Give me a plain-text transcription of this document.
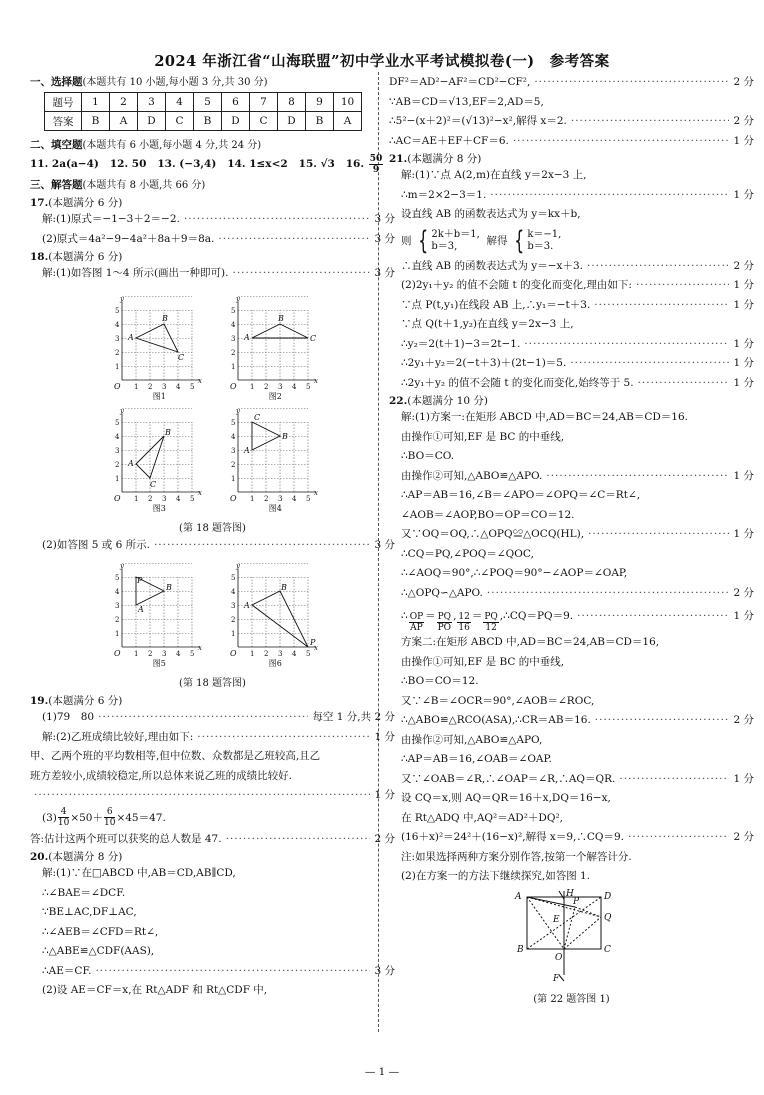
2024 年浙江省“山海联盟”初中学业水平考试模拟卷(一)　参考答案

一、选择题(本题共有 10 小题,每小题 3 分,共 30 分)

题号	1	2	3	4	5	6	7	8	9	10
答案	B	A	D	C	B	D	C	D	B	A

二、填空题(本题共有 6 小题,每小题 4 分,共 24 分)

11. 2a(a−4) 12. 50 13. (−3,4) 14. 1≤x<2 15. √3 16. $\frac{50}{9}$

三、解答题(本题共有 8 小题,共 66 分)

17.(本题满分 6 分)

解:(1)原式＝−1−3＋2＝−2. ·····	3 分
(2)原式＝4a²−9−4a²＋8a＋9＝8a. ·····	3 分

18.(本题满分 6 分)

解:(1)如答图 1～4 所示(画出一种即可). ·····	3 分
x
y
O 1
1
2
2
3
3
4
4
5
5
A
B
C
图1
x
y
O 1
1
2
2
3
3
4
4
5
5
A
B
C
图2
x
y
O 1
1
2
2
3
3
4
4
5
5
A
B
C
图3
x
y
O 1
1
2
2
3
3
4
4
5
5
C
A
B
图4
(第 18 题答图)
(2)如答图 5 或 6 所示. ·····	3 分
x
y
O 1
1
2
2
3
3
4
4
5
5 P
A
B
图5
x
y
O 1
1
2
2
3
3
4
4
5
5
A
B
P
图6
(第 18 题答图)

19.(本题满分 6 分)

(1)79　80 ·····	每空 1 分,共 2 分
解:(2)乙班成绩比较好,理由如下: ·····	1 分

甲、乙两个班的平均数相等,但中位数、众数都是乙班较高,且乙

班方差较小,成绩较稳定,所以总体来说乙班的成绩比较好.

·····
1 分

$(3) \frac{4}{10} \times 50+ \frac{6}{10} \times 45=47$.

答:估计这两个班可以获奖的总人数是 47. ·····	2 分

20.(本题满分 8 分)

解:(1)∵在□ABCD 中,AB＝CD,AB∥CD,

∴∠BAE＝∠DCF.

∵BE⊥AC,DF⊥AC,

∴∠AEB＝∠CFD＝Rt∠,

∴△ABE≌△CDF(AAS),

∴AE＝CF. ·····	3 分

(2)设 AE＝CF＝x,在 Rt△ADF 和 Rt△CDF 中,

DF²＝AD²−AF²＝CD²−CF², ·····	2 分

∵AB＝CD＝√13,EF＝2,AD＝5,

∴5²−(x＋2)²＝(√13)²−x²,解得 x＝2. ·····	2 分
∴AC＝AE＋EF＋CF＝6. ·····	1 分

21.(本题满分 8 分)

解:(1)∵点 A(2,m)在直线 y＝2x−3 上,

∴m＝2×2−3＝1. ·····	1 分

设直线 AB 的函数表达式为 y＝kx＋b,

则 { 2k＋b＝1,
b＝3,	解得 { k＝−1,
b＝3.
∴直线 AB 的函数表达式为 y＝−x＋3. ·····	2 分
(2)2y₁＋y₂ 的值不会随 t 的变化而变化,理由如下: ·····	1 分
∵点 P(t,y₁)在线段 AB 上,∴y₁＝−t＋3. ·····	1 分

∵点 Q(t＋1,y₂)在直线 y＝2x−3 上,

∴y₂＝2(t＋1)−3＝2t−1. ·····	1 分
∴2y₁＋y₂＝2(−t＋3)＋(2t−1)＝5. ·····	1 分
∴2y₁＋y₂ 的值不会随 t 的变化而变化,始终等于 5. ·····	1 分

22.(本题满分 10 分)

解:(1)方案一:在矩形 ABCD 中,AD＝BC＝24,AB＝CD＝16.

由操作①可知,EF 是 BC 的中垂线,

∴BO＝CO.

由操作②可知,△ABO≌△APO. ·····	1 分

∴AP＝AB＝16,∠B＝∠APO＝∠OPQ＝∠C＝Rt∠,

∠AOB＝∠AOP,BO＝OP＝CO＝12.

又∵OQ＝OQ,∴△OPQ≌△OCQ(HL), ·····	1 分

∴CQ＝PQ,∠POQ＝∠QOC,

∴∠AOQ＝90°,∴∠POQ＝90°−∠AOP＝∠OAP,

∴△OPQ∽△APO. ·····	2 分
∴ $\frac{OP}{AP} = \frac{PQ}{PO}$ , $\frac{12}{16} = \frac{PQ}{12}$ ,∴CQ＝PQ＝9. ·····	1 分

方案二:在矩形 ABCD 中,AD＝BC＝24,AB＝CD＝16,

由操作①可知,EF 是 BC 的中垂线,

∴BO＝CO＝12.

又∵∠B＝∠OCR＝90°,∠AOB＝∠ROC,

∴△ABO≌△RCO(ASA),∴CR＝AB＝16. ·····	2 分

由操作②可知,△ABO≌△APO,

∴AP＝AB＝16,∠OAB＝∠OAP.

又∵∠OAB＝∠R,∴∠OAP＝∠R,∴AQ＝QR. ·····	1 分

设 CQ＝x,则 AQ＝QR＝16＋x,DQ＝16−x,

在 Rt△ADQ 中,AQ²＝AD²＋DQ²,

(16＋x)²＝24²＋(16−x)²,解得 x＝9,∴CQ＝9. ·····	2 分

注:如果选择两种方案分别作答,按第一个解答计分.

(2)在方案一的方法下继续探究,如答图 1.

A	H	D
P
Q
E
B
O
C
F
(第 22 题答图 1)
— 1 —
